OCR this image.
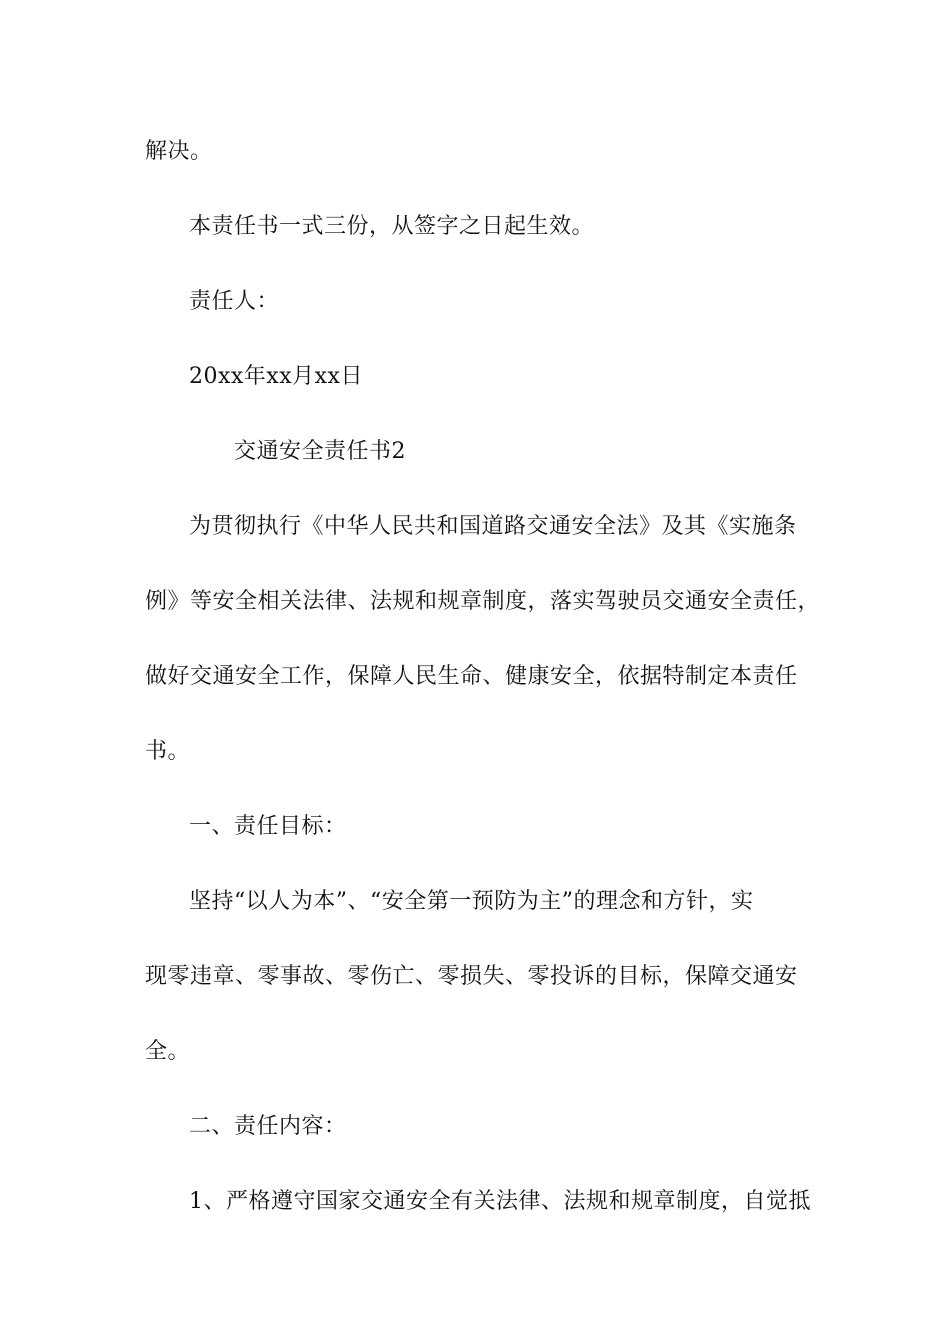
解决。
本责任书一式三份，从签字之日起生效。
责任人：
20xx年xx月xx日
交通安全责任书2
为贯彻执行《中华人民共和国道路交通安全法》及其《实施条
例》等安全相关法律、法规和规章制度，落实驾驶员交通安全责任，
做好交通安全工作，保障人民生命、健康安全，依据特制定本责任
书。
一、责任目标：
坚持“以人为本”、“安全第一预防为主”的理念和方针，实
现零违章、零事故、零伤亡、零损失、零投诉的目标，保障交通安
全。
二、责任内容：
1、严格遵守国家交通安全有关法律、法规和规章制度，自觉抵
